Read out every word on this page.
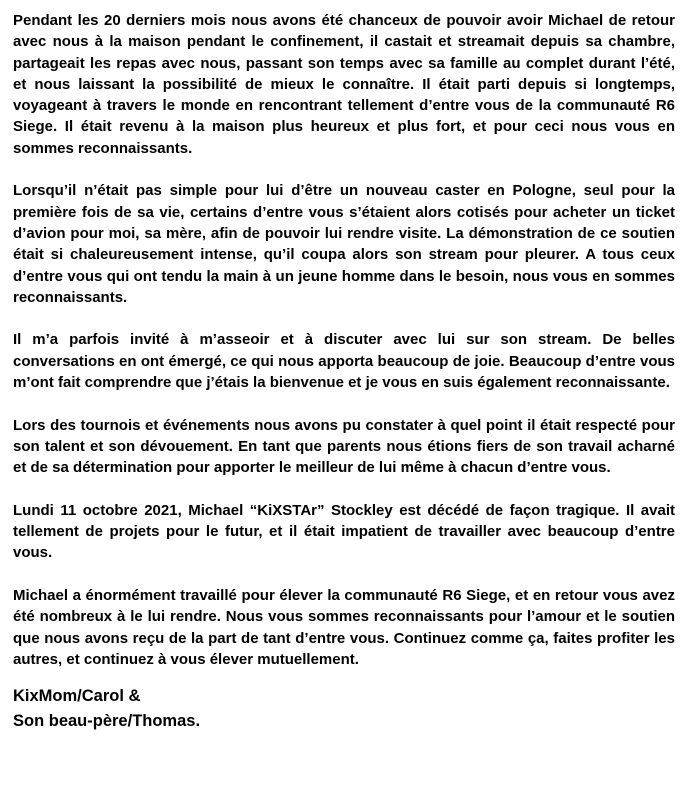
Pendant les 20 derniers mois nous avons été chanceux de pouvoir avoir Michael de retour avec nous à la maison pendant le confinement, il castait et streamait depuis sa chambre, partageait les repas avec nous, passant son temps avec sa famille au complet durant l’été, et nous laissant la possibilité de mieux le connaître. Il était parti depuis si longtemps, voyageant à travers le monde en rencontrant tellement d’entre vous de la communauté R6 Siege. Il était revenu à la maison plus heureux et plus fort, et pour ceci nous vous en sommes reconnaissants.

Lorsqu’il n’était pas simple pour lui d’être un nouveau caster en Pologne, seul pour la première fois de sa vie, certains d’entre vous s’étaient alors cotisés pour acheter un ticket d’avion pour moi, sa mère, afin de pouvoir lui rendre visite. La démonstration de ce soutien était si chaleureusement intense, qu’il coupa alors son stream pour pleurer. A tous ceux d’entre vous qui ont tendu la main à un jeune homme dans le besoin, nous vous en sommes reconnaissants.

Il m’a parfois invité à m’asseoir et à discuter avec lui sur son stream. De belles conversations en ont émergé, ce qui nous apporta beaucoup de joie. Beaucoup d’entre vous m’ont fait comprendre que j’étais la bienvenue et je vous en suis également reconnaissante.

Lors des tournois et événements nous avons pu constater à quel point il était respecté pour son talent et son dévouement. En tant que parents nous étions fiers de son travail acharné et de sa détermination pour apporter le meilleur de lui même à chacun d’entre vous.

Lundi 11 octobre 2021, Michael “KiXSTAr” Stockley est décédé de façon tragique. Il avait tellement de projets pour le futur, et il était impatient de travailler avec beaucoup d’entre vous.

Michael a énormément travaillé pour élever la communauté R6 Siege, et en retour vous avez été nombreux à le lui rendre. Nous vous sommes reconnaissants pour l’amour et le soutien que nous avons reçu de la part de tant d’entre vous. Continuez comme ça, faites profiter les autres, et continuez à vous élever mutuellement.

KixMom/Carol &
Son beau-père/Thomas.
